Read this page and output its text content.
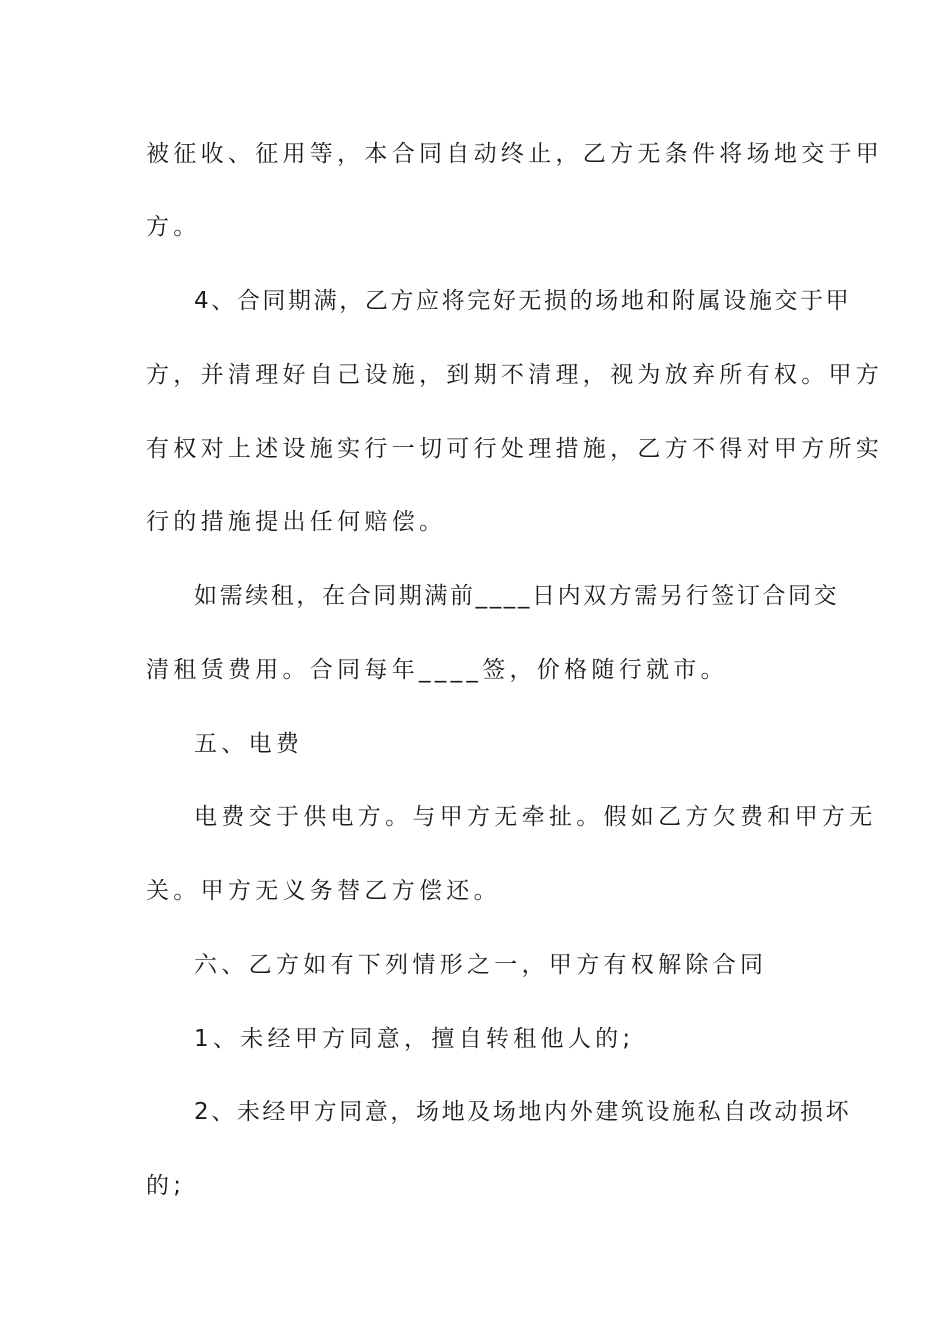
被征收、征用等，本合同自动终止，乙方无条件将场地交于甲
方。
4、合同期满，乙方应将完好无损的场地和附属设施交于甲
方，并清理好自己设施，到期不清理，视为放弃所有权。甲方
有权对上述设施实行一切可行处理措施，乙方不得对甲方所实
行的措施提出任何赔偿。
如需续租，在合同期满前____日内双方需另行签订合同交
清租赁费用。合同每年____签，价格随行就市。
五、电费
电费交于供电方。与甲方无牵扯。假如乙方欠费和甲方无
关。甲方无义务替乙方偿还。
六、乙方如有下列情形之一，甲方有权解除合同
1、未经甲方同意，擅自转租他人的;
2、未经甲方同意，场地及场地内外建筑设施私自改动损坏
的;
